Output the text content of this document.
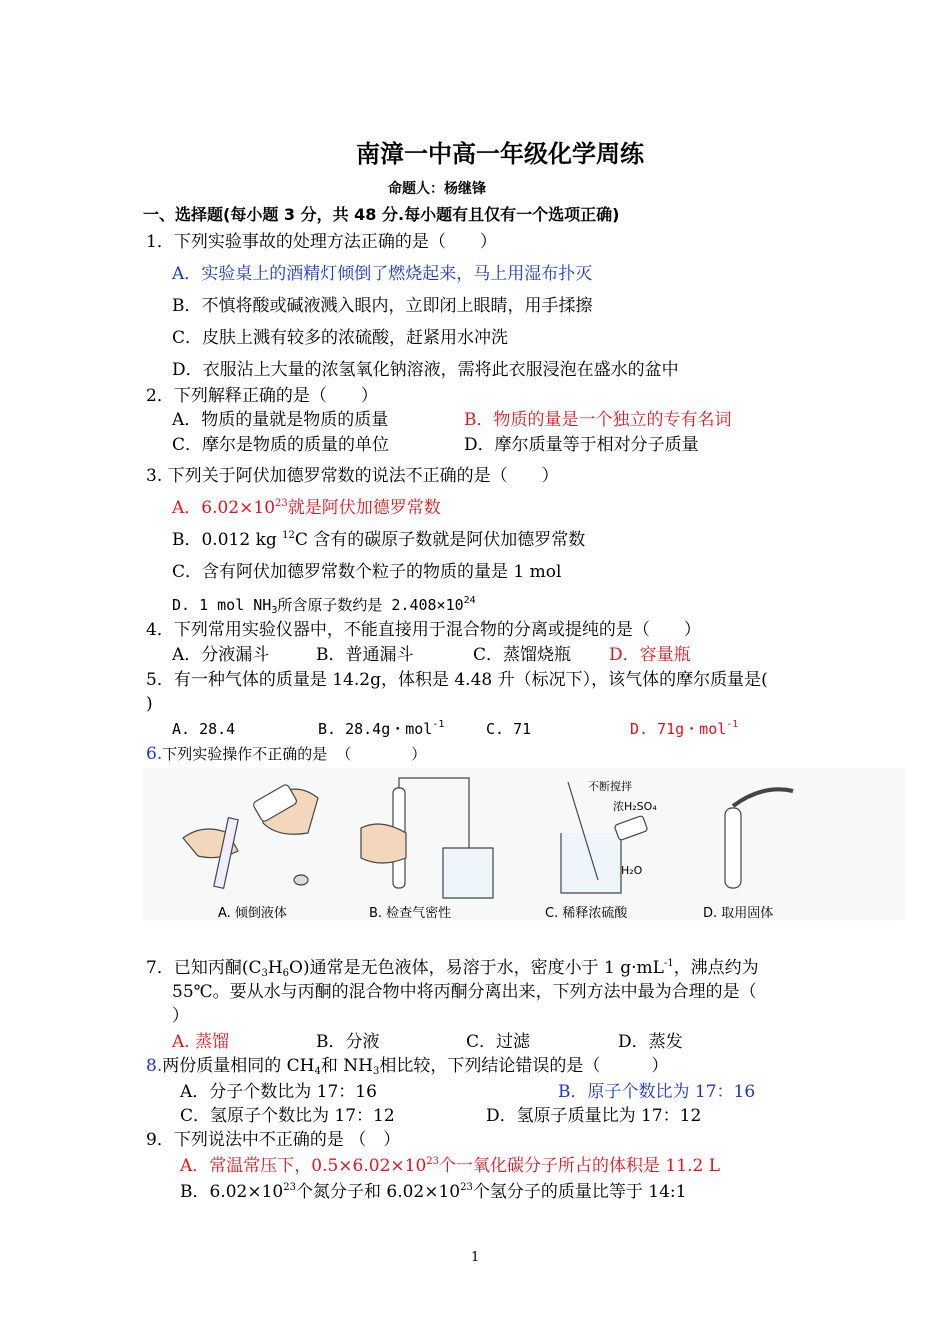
南漳一中高一年级化学周练
命题人：杨继锋
一、选择题(每小题 3 分，共 48 分.每小题有且仅有一个选项正确)
1．下列实验事故的处理方法正确的是（　　）
A．实验桌上的酒精灯倾倒了燃烧起来，马上用湿布扑灭
B．不慎将酸或碱液溅入眼内，立即闭上眼睛，用手揉擦
C．皮肤上溅有较多的浓硫酸，赶紧用水冲洗
D．衣服沾上大量的浓氢氧化钠溶液，需将此衣服浸泡在盛水的盆中
2．下列解释正确的是（　　）
A．物质的量就是物质的质量	B．物质的量是一个独立的专有名词
C．摩尔是物质的质量的单位	D．摩尔质量等于相对分子质量
3. 下列关于阿伏加德罗常数的说法不正确的是（　　）
A．$6.02\times 10^{23}$就是阿伏加德罗常数
B．0.012 kg $^{12}$C 含有的碳原子数就是阿伏加德罗常数
C．含有阿伏加德罗常数个粒子的物质的量是 1 mol
D. 1 mol $NH_3$所含原子数约是 $2.408\times 10^{24}$
4．下列常用实验仪器中，不能直接用于混合物的分离或提纯的是（　　）
A．分液漏斗	B．普通漏斗	C．蒸馏烧瓶 D．容量瓶
5．有一种气体的质量是 14.2g，体积是 4.48 升（标况下），该气体的摩尔质量是(
)
A. 28.4	B. 28.4g・mol$^{-1}$	C. 71	D. 71g・mol$^{-1}$
6.下列实验操作不正确的是 （　　　　）
不断搅拌
浓H₂SO₄
H₂O
A. 倾倒液体	B. 检查气密性	C. 稀释浓硫酸	D. 取用固体
7．已知丙酮$(C_3H_6O)$通常是无色液体，易溶于水，密度小于 1 $g\cdot mL^{-1}$，沸点约为
55℃。要从水与丙酮的混合物中将丙酮分离出来，下列方法中最为合理的是（
）
A. 蒸馏	B．分液	C．过滤	D．蒸发
8.两份质量相同的 $CH_4$和 $NH_3$相比较，下列结论错误的是（　　　）
A．分子个数比为 17：16	B．原子个数比为 17：16
C．氢原子个数比为 17：12	D．氢原子质量比为 17：12
9．下列说法中不正确的是 （　）
A．常温常压下，$0.5\times 6.02\times 10^{23}$个一氧化碳分子所占的体积是 11.2 L
B．$6.02\times 10^{23}$个氮分子和 $6.02\times 10^{23}$个氢分子的质量比等于 14:1
1
